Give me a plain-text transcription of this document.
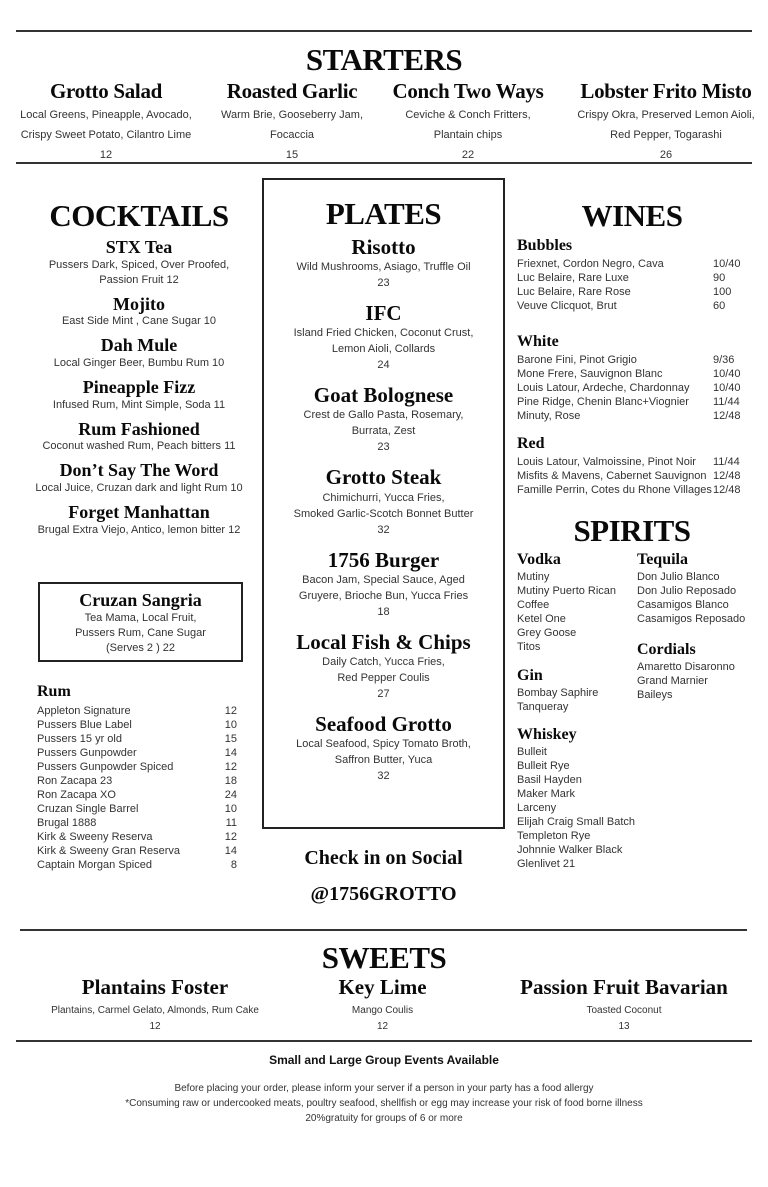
STARTERS
Grotto Salad
Local Greens, Pineapple, Avocado,
Crispy Sweet Potato, Cilantro Lime
12
Roasted Garlic
Warm Brie, Gooseberry Jam,
Focaccia
15
Conch Two Ways
Ceviche & Conch Fritters,
Plantain chips
22
Lobster Frito Misto
Crispy Okra, Preserved Lemon Aioli,
Red Pepper, Togarashi
26
COCKTAILS
STX Tea
Pussers Dark, Spiced, Over Proofed,
Passion Fruit 12
Mojito
East Side Mint , Cane Sugar 10
Dah Mule
Local Ginger Beer, Bumbu Rum 10
Pineapple Fizz
Infused Rum, Mint Simple, Soda 11
Rum Fashioned
Coconut washed Rum, Peach bitters 11
Don’t Say The Word
Local Juice, Cruzan dark and light Rum 10
Forget Manhattan
Brugal Extra Viejo, Antico, lemon bitter 12
Cruzan Sangria
Tea Mama, Local Fruit,
Pussers Rum, Cane Sugar
(Serves 2 ) 22
Rum
Appleton Signature	12
Pussers Blue Label	10
Pussers 15 yr old	15
Pussers Gunpowder	14
Pussers Gunpowder Spiced	12
Ron Zacapa 23	18
Ron Zacapa XO	24
Cruzan Single Barrel	10
Brugal 1888	11
Kirk & Sweeny Reserva	12
Kirk & Sweeny Gran Reserva	14
Captain Morgan Spiced	8
PLATES
Risotto
Wild Mushrooms, Asiago, Truffle Oil
23
IFC
Island Fried Chicken, Coconut Crust,
Lemon Aioli, Collards
24
Goat Bolognese
Crest de Gallo Pasta, Rosemary,
Burrata, Zest
23
Grotto Steak
Chimichurri, Yucca Fries,
Smoked Garlic-Scotch Bonnet Butter
32
1756 Burger
Bacon Jam, Special Sauce, Aged
Gruyere, Brioche Bun, Yucca Fries
18
Local Fish & Chips
Daily Catch, Yucca Fries,
Red Pepper Coulis
27
Seafood Grotto
Local Seafood, Spicy Tomato Broth,
Saffron Butter, Yuca
32
Check in on Social
@1756GROTTO
WINES
Bubbles
Friexnet, Cordon Negro, Cava	10/40
Luc Belaire, Rare Luxe	90
Luc Belaire, Rare Rose	100
Veuve Clicquot, Brut	60
White
Barone Fini, Pinot Grigio	9/36
Mone Frere, Sauvignon Blanc	10/40
Louis Latour, Ardeche, Chardonnay	10/40
Pine Ridge, Chenin Blanc+Viognier	11/44
Minuty, Rose	12/48
Red
Louis Latour, Valmoissine, Pinot Noir	11/44
Misfits & Mavens, Cabernet Sauvignon 12/48
Famille Perrin, Cotes du Rhone Villages 12/48
SPIRITS
Vodka
Mutiny
Mutiny Puerto Rican
Coffee
Ketel One
Grey Goose
Titos
Gin
Bombay Saphire
Tanqueray
Whiskey
Bulleit
Bulleit Rye
Basil Hayden
Maker Mark
Larceny
Elijah Craig Small Batch
Templeton Rye
Johnnie Walker Black
Glenlivet 21
Tequila
Don Julio Blanco
Don Julio Reposado
Casamigos Blanco
Casamigos Reposado
Cordials
Amaretto Disaronno
Grand Marnier
Baileys
SWEETS
Plantains Foster
Plantains, Carmel Gelato, Almonds, Rum Cake
12
Key Lime
Mango Coulis
12
Passion Fruit Bavarian
Toasted Coconut
13
Small and Large Group Events Available
Before placing your order, please inform your server if a person in your party has a food allergy
*Consuming raw or undercooked meats, poultry seafood, shellfish or egg may increase your risk of food borne illness
20%gratuity for groups of 6 or more
